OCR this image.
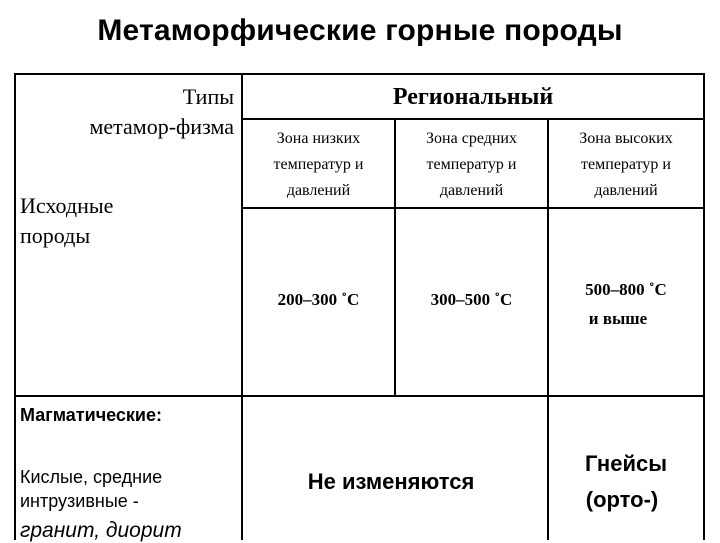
Метаморфические горные породы
Типы
метамор-физма
Исходные
породы
Региональный
Зона низких
температур и
давлений
Зона средних
температур и
давлений
Зона высоких
температур и
давлений
200–300 ˚С	300–500 ˚С
500–800 ˚С
и выше
Магматические:
Кислые, средние
интрузивные -
гранит, диорит
Не изменяются
Гнейсы
(орто-)
